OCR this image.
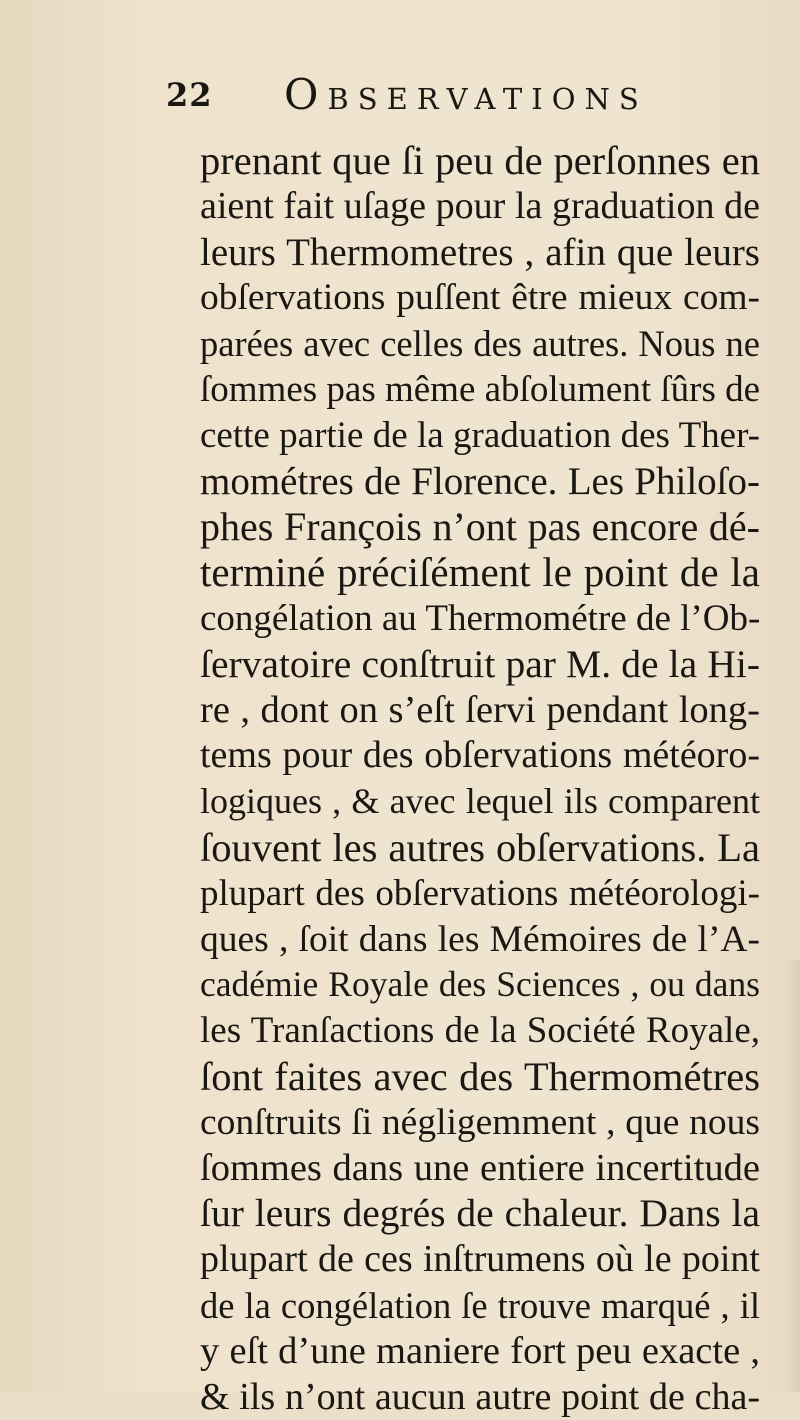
22 Observations
prenant que ſi peu de perſonnes en
aient fait uſage pour la graduation de
leurs Thermometres , afin que leurs
obſervations puſſent être mieux com-
parées avec celles des autres. Nous ne
ſommes pas même abſolument ſûrs de
cette partie de la graduation des Ther-
mométres de Florence. Les Philoſo-
phes François n’ont pas encore dé-
terminé préciſément le point de la
congélation au Thermométre de l’Ob-
ſervatoire conſtruit par M. de la Hi-
re , dont on s’eſt ſervi pendant long-
tems pour des obſervations météoro-
logiques , & avec lequel ils comparent
ſouvent les autres obſervations. La
plupart des obſervations météorologi-
ques , ſoit dans les Mémoires de l’A-
cadémie Royale des Sciences , ou dans
les Tranſactions de la Société Royale,
ſont faites avec des Thermométres
conſtruits ſi négligemment , que nous
ſommes dans une entiere incertitude
ſur leurs degrés de chaleur. Dans la
plupart de ces inſtrumens où le point
de la congélation ſe trouve marqué , il
y eſt d’une maniere fort peu exacte ,
& ils n’ont aucun autre point de cha-
